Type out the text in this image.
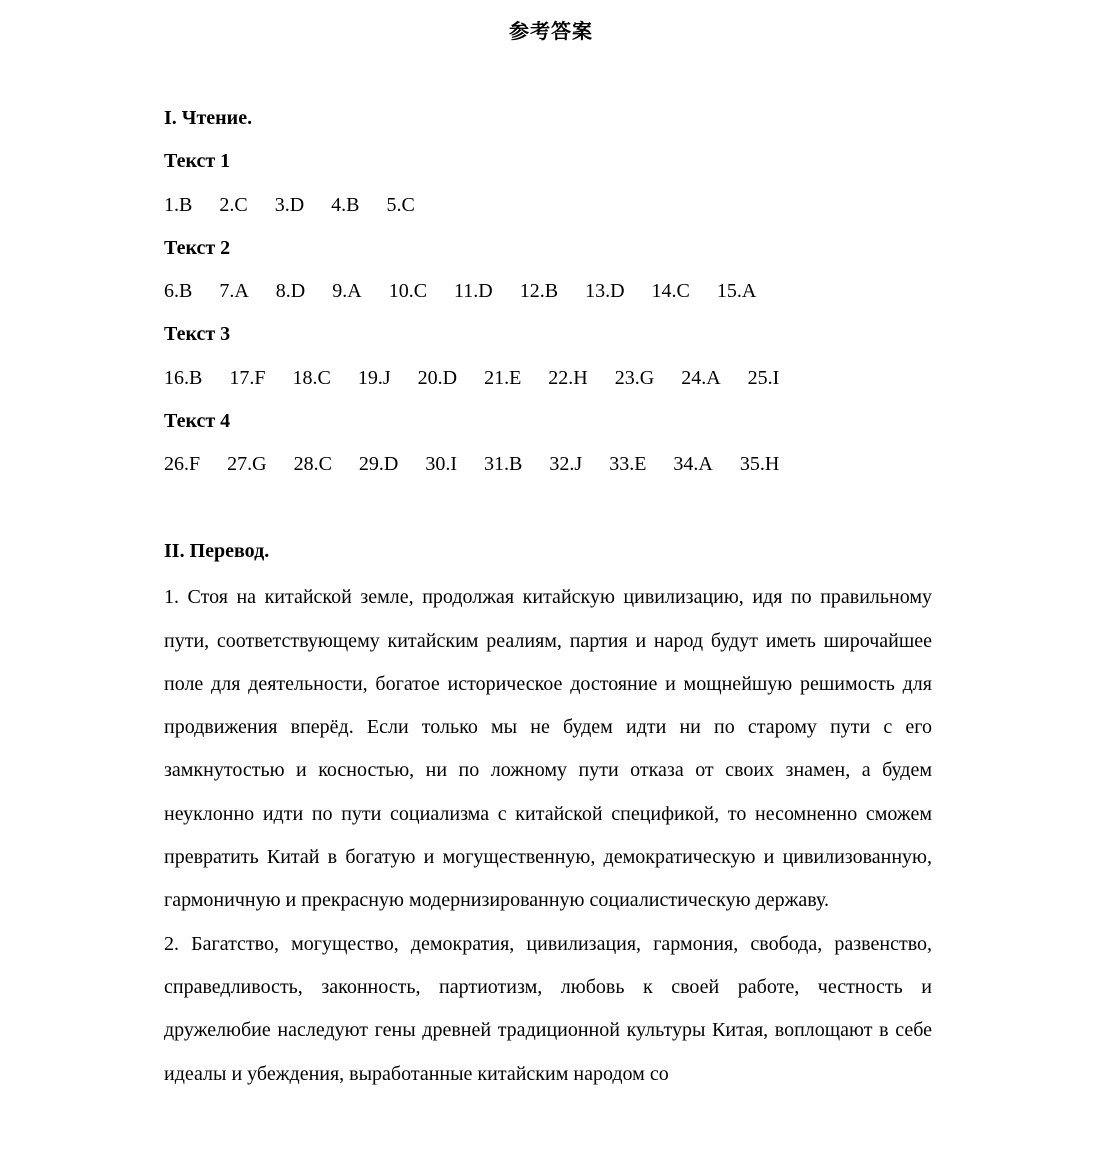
参考答案
I. Чтение.
Текст 1
1.B 2.C 3.D 4.B 5.C
Текст 2
6.B 7.A 8.D 9.A 10.C 11.D 12.B 13.D 14.C 15.A
Текст 3
16.B 17.F 18.C 19.J 20.D 21.E 22.H 23.G 24.A 25.I
Текст 4
26.F 27.G 28.C 29.D 30.I 31.B 32.J 33.E 34.A 35.H
II. Перевод.

1. Стоя на китайской земле, продолжая китайскую цивилизацию, идя по правильному пути, соответствующему китайским реалиям, партия и народ будут иметь широчайшее поле для деятельности, богатое историческое достояние и мощнейшую решимость для продвижения вперёд. Если только мы не будем идти ни по старому пути с его замкнутостью и косностью, ни по ложному пути отказа от своих знамен, а будем неуклонно идти по пути социализма с китайской спецификой, то несомненно сможем превратить Китай в богатую и могущественную, демократическую и цивилизованную, гармоничную и прекрасную модернизированную социалистическую державу.

2. Багатство, могущество, демократия, цивилизация, гармония, свобода, развенство, справедливость, законность, партиотизм, любовь к своей работе, честность и дружелюбие наследуют гены древней традиционной культуры Китая, воплощают в себе идеалы и убеждения, выработанные китайским народом со
